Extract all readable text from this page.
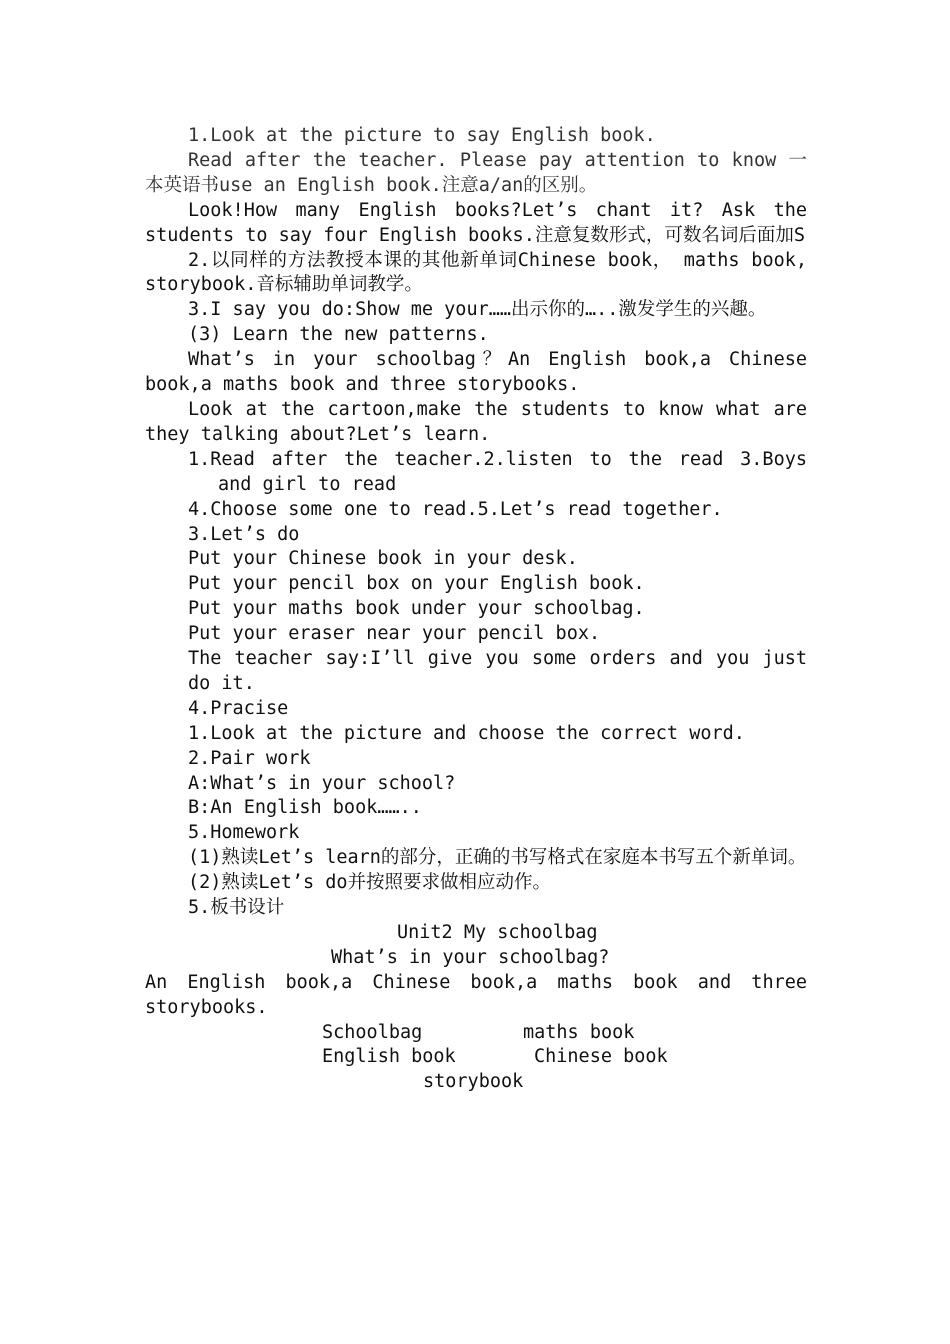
1.Look at the picture to say English book.

Read after the teacher. Please pay attention to know 一本英语书use an English book.注意a/an的区别。

Look!How many English books?Let’s chant it? Ask the students to say four English books.注意复数形式，可数名词后面加S

2.以同样的方法教授本课的其他新单词Chinese book， maths book, storybook.音标辅助单词教学。

3.I say you do:Show me your……出示你的…..激发学生的兴趣。

(3) Learn the new patterns.

What’s in your schoolbag？An English book,a Chinese book,a maths book and three storybooks.

Look at the cartoon,make the students to know what are they talking about?Let’s learn.

1.Read after the teacher.2.listen to the read 3.Boys and girl to read

4.Choose some one to read.5.Let’s read together.

3.Let’s do

Put your Chinese book in your desk.

Put your pencil box on your English book.

Put your maths book under your schoolbag.

Put your eraser near your pencil box.

The teacher say:I’ll give you some orders and you just do it.

4.Pracise

1.Look at the picture and choose the correct word.

2.Pair work

A:What’s in your school?

B:An English book……..

5.Homework

(1)熟读Let’s learn的部分，正确的书写格式在家庭本书写五个新单词。

(2)熟读Let’s do并按照要求做相应动作。

5.板书设计

Unit2 My schoolbag
What’s in your schoolbag?

An English book,a Chinese book,a maths book and three storybooks.

Schoolbag	maths book
English book	Chinese book
storybook
